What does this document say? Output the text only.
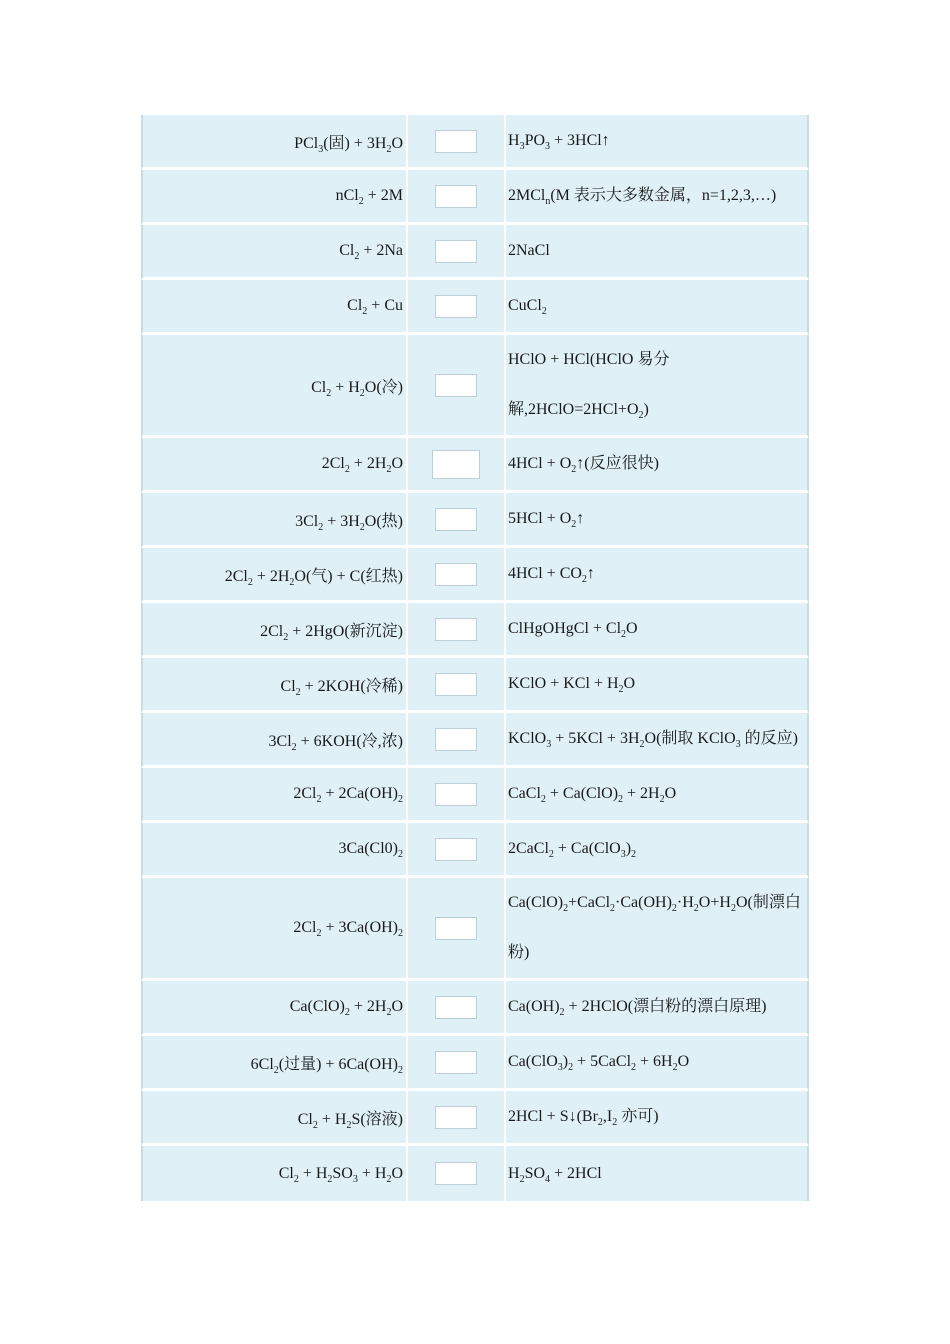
PCl$_3$(固) + $3H_2O$		$H_3PO_3$ + 3HCl↑
nCl$_2$ + 2M		2MCl$_n$(M 表示大多数金属，n=1,2,3,…)
$Cl_2 + 2Na$		2NaCl
$Cl_2 + Cu$		CuCl$_2$
$Cl_2 + H_2O$(冷)		HClO + HCl(HClO 易分解$,2HClO=2HCl+O_2$)
$2Cl_2 + 2H_2O$		$4HCl + O_2↑$(反应很快)
$3Cl_2 + 3H_2O$(热)		$5HCl + O_2↑$
$2Cl_2 + 2H_2O$(气) + C(红热)		$4HCl + CO_2↑$
$2Cl_2 + 2HgO$(新沉淀)		ClHgOHgCl + $Cl_2O$
$Cl_2 + 2KOH$(冷稀)		KClO + KCl + $H_2O$
$3Cl_2 + 6KOH$(冷,浓)		KClO$_3$ + $5KCl + 3H_2O$(制取 KClO$_3$ 的反应)
$2Cl_2 + 2Ca(OH)_2$		CaCl$_2$ + $Ca(ClO)_2 + 2H_2O$
$3Ca(Cl0)_2$		2CaCl$_2$ + $Ca(ClO_3)_2$
$2Cl_2 + 3Ca(OH)_2$		$Ca(ClO)_2+CaCl_2\cdot Ca(OH)_2\cdot H_2O+H_2O$(制漂白粉)
$Ca(ClO)_2 + 2H_2O$		$Ca(OH)_2$ + 2HClO(漂白粉的漂白原理)
$6Cl_2$(过量) + $6Ca(OH)_2$		$Ca(ClO_3)_2$ + 5CaCl$_2$ + $6H_2O$
$Cl_2 + H_2S$(溶液)		$2HCl + S↓(Br_2,I_2$ 亦可)
$Cl_2 + H_2SO_3 + H_2O$		$H_2SO_4 + 2HCl$
